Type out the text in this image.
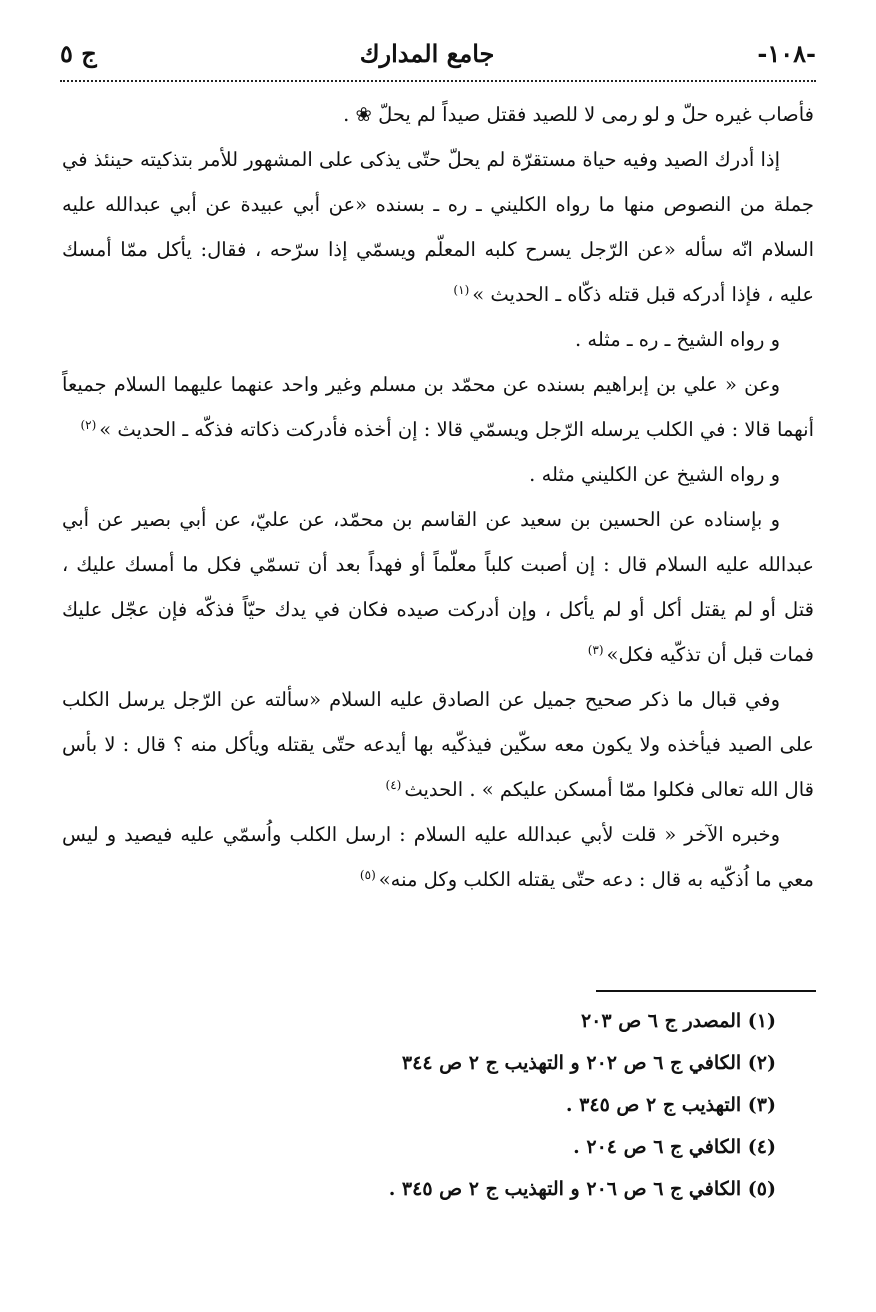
-١٠٨-
جامع المدارك
ج ٥

فأصاب غيره حلّ و لو رمى لا للصيد فقتل صيداً لم يحلّ ❀ .

إذا أدرك الصيد وفيه حياة مستقرّة لم يحلّ حتّى يذكى على المشهور للأمر بتذكيته حينئذ في جملة من النصوص منها ما رواه الكليني ـ ره ـ بسنده «عن أبي عبيدة عن أبي عبدالله عليه السلام انّه سأله «عن الرّجل يسرح كلبه المعلّم ويسمّي إذا سرّحه ، فقال: يأكل ممّا أمسك عليه ، فإذا أدركه قبل قتله ذكّاه ـ الحديث »$^{(١)}$

و رواه الشيخ ـ ره ـ مثله .

وعن « علي بن إبراهيم بسنده عن محمّد بن مسلم وغير واحد عنهما عليهما السلام جميعاً أنهما قالا : في الكلب يرسله الرّجل ويسمّي قالا : إن أخذه فأدركت ذكاته فذكّه ـ الحديث »$^{(٢)}$

و رواه الشيخ عن الكليني مثله .

و بإسناده عن الحسين بن سعيد عن القاسم بن محمّد، عن عليّ، عن أبي بصير عن أبي عبدالله عليه السلام قال : إن أصبت كلباً معلّماً أو فهداً بعد أن تسمّي فكل ما أمسك عليك ، قتل أو لم يقتل أكل أو لم يأكل ، وإن أدركت صيده فكان في يدك حيّاً فذكّه فإن عجّل عليك فمات قبل أن تذكّيه فكل»$^{(٣)}$

وفي قبال ما ذكر صحيح جميل عن الصادق عليه السلام «سألته عن الرّجل يرسل الكلب على الصيد فيأخذه ولا يكون معه سكّين فيذكّيه بها أيدعه حتّى يقتله ويأكل منه ؟ قال : لا بأس قال الله تعالى فكلوا ممّا أمسكن عليكم » . الحديث$^{(٤)}$

وخبره الآخر « قلت لأبي عبدالله عليه السلام : ارسل الكلب واُسمّي عليه فيصيد و ليس معي ما اُذكّيه به قال : دعه حتّى يقتله الكلب وكل منه»$^{(٥)}$

(١) المصدر ج ٦ ص ٢٠٣
(٢) الكافي ج ٦ ص ٢٠٢ و التهذيب ج ٢ ص ٣٤٤
(٣) التهذيب ج ٢ ص ٣٤٥ .
(٤) الكافي ج ٦ ص ٢٠٤ .
(٥) الكافي ج ٦ ص ٢٠٦ و التهذيب ج ٢ ص ٣٤٥ .
